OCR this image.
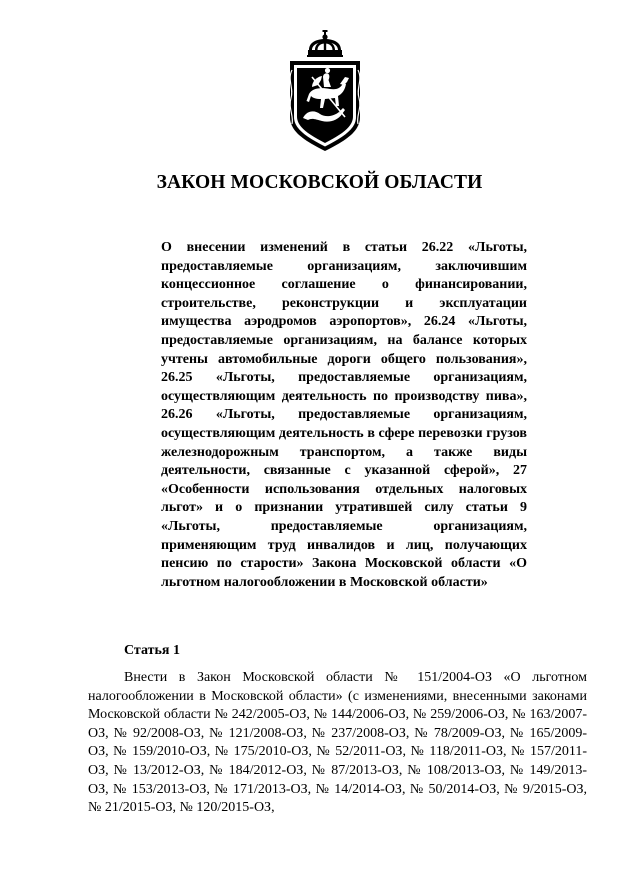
ЗАКОН МОСКОВСКОЙ ОБЛАСТИ

О внесении изменений в статьи 26.22 «Льготы, предоставляемые организациям, заключившим концессионное соглашение о финансировании, строительстве, реконструкции и эксплуатации имущества аэродромов аэропортов», 26.24 «Льготы, предоставляемые организациям, на балансе которых учтены автомобильные дороги общего пользования», 26.25 «Льготы, предоставляемые организациям, осуществляющим деятельность по производству пива», 26.26 «Льготы, предоставляемые организациям, осуществляющим деятельность в сфере перевозки грузов железнодорожным транспортом, а также виды деятельности, связанные с указанной сферой», 27 «Особенности использования отдельных налоговых льгот» и о признании утратившей силу статьи 9 «Льготы, предоставляемые организациям, применяющим труд инвалидов и лиц, получающих пенсию по старости» Закона Московской области «О льготном налогообложении в Московской области»

Статья 1

Внести в Закон Московской области № 151/2004-ОЗ «О льготном налогообложении в Московской области» (с изменениями, внесенными законами Московской области № 242/2005-ОЗ, № 144/2006-ОЗ, № 259/2006-ОЗ, № 163/2007-ОЗ, № 92/2008-ОЗ, № 121/2008-ОЗ, № 237/2008-ОЗ, № 78/2009-ОЗ, № 165/2009-ОЗ, № 159/2010-ОЗ, № 175/2010-ОЗ, № 52/2011-ОЗ, № 118/2011-ОЗ, № 157/2011-ОЗ, № 13/2012-ОЗ, № 184/2012-ОЗ, № 87/2013-ОЗ, № 108/2013-ОЗ, № 149/2013-ОЗ, № 153/2013-ОЗ, № 171/2013-ОЗ, № 14/2014-ОЗ, № 50/2014-ОЗ, № 9/2015-ОЗ, № 21/2015-ОЗ, № 120/2015-ОЗ,
